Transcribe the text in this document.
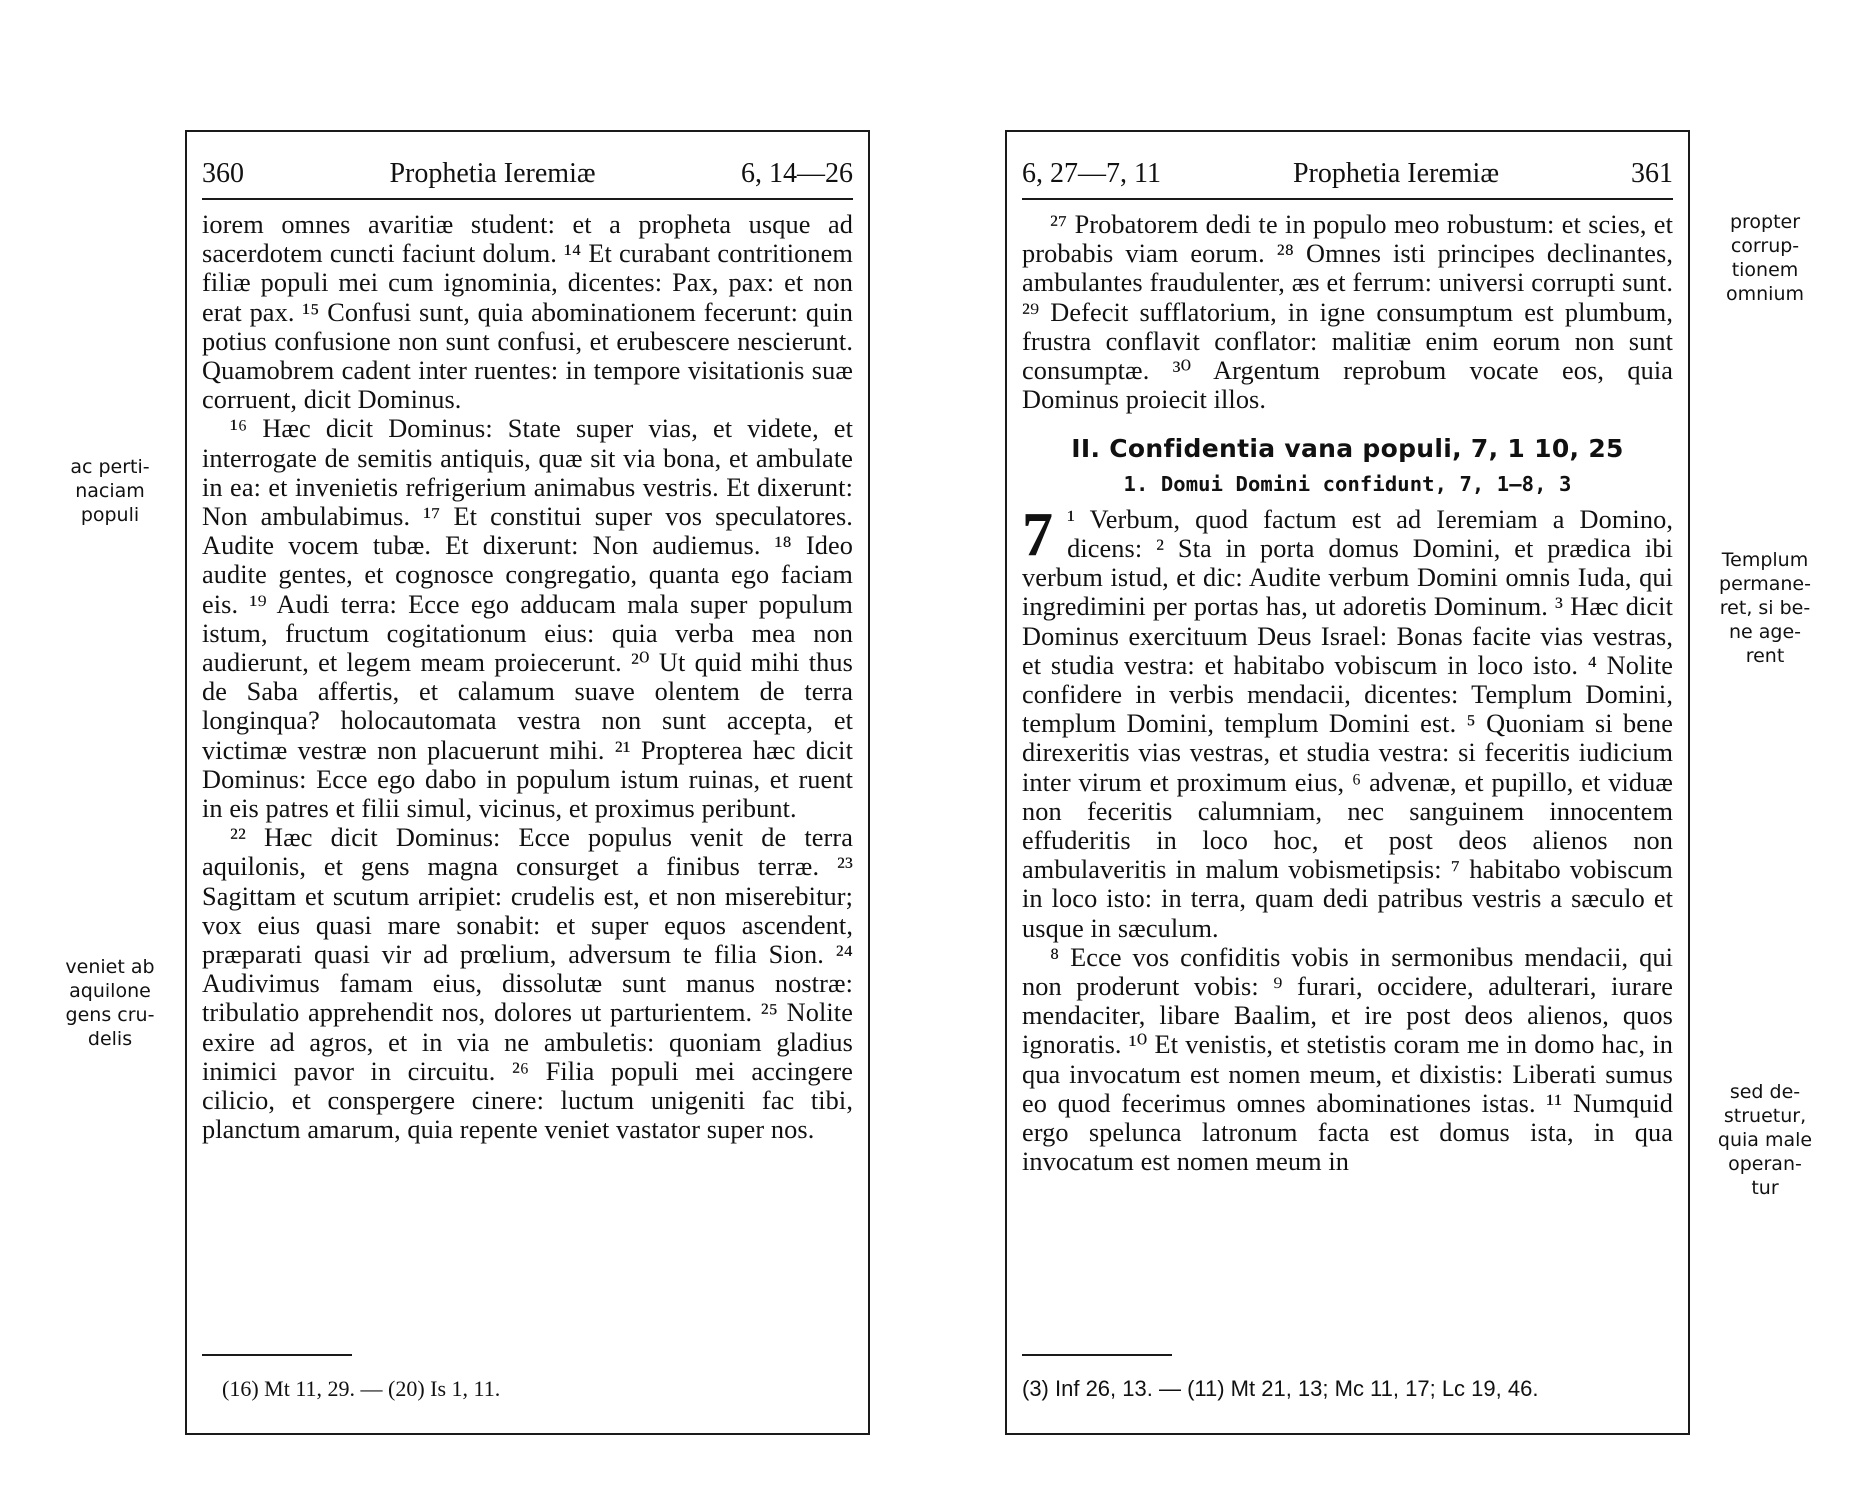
360	Prophetia Ieremiæ	6, 14—26

iorem omnes avaritiæ student: et a propheta usque ad sacerdotem cuncti faciunt dolum. ¹⁴ Et curabant contritionem filiæ populi mei cum ignominia, dicentes: Pax, pax: et non erat pax. ¹⁵ Confusi sunt, quia abominationem fecerunt: quin potius confusione non sunt confusi, et erubescere nescierunt. Quamobrem cadent inter ruentes: in tempore visitationis suæ corruent, dicit Dominus.

¹⁶ Hæc dicit Dominus: State super vias, et videte, et interrogate de semitis antiquis, quæ sit via bona, et ambulate in ea: et invenietis refrigerium animabus vestris. Et dixerunt: Non ambulabimus. ¹⁷ Et constitui super vos speculatores. Audite vocem tubæ. Et dixerunt: Non audiemus. ¹⁸ Ideo audite gentes, et cognosce congregatio, quanta ego faciam eis. ¹⁹ Audi terra: Ecce ego adducam mala super populum istum, fructum cogitationum eius: quia verba mea non audierunt, et legem meam proiecerunt. ²⁰ Ut quid mihi thus de Saba affertis, et calamum suave olentem de terra longinqua? holocautomata vestra non sunt accepta, et victimæ vestræ non placuerunt mihi. ²¹ Propterea hæc dicit Dominus: Ecce ego dabo in populum istum ruinas, et ruent in eis patres et filii simul, vicinus, et proximus peribunt.

²² Hæc dicit Dominus: Ecce populus venit de terra aquilonis, et gens magna consurget a finibus terræ. ²³ Sagittam et scutum arripiet: crudelis est, et non miserebitur; vox eius quasi mare sonabit: et super equos ascendent, præparati quasi vir ad prœlium, adversum te filia Sion. ²⁴ Audivimus famam eius, dissolutæ sunt manus nostræ: tribulatio apprehendit nos, dolores ut parturientem. ²⁵ Nolite exire ad agros, et in via ne ambuletis: quoniam gladius inimici pavor in circuitu. ²⁶ Filia populi mei accingere cilicio, et conspergere cinere: luctum unigeniti fac tibi, planctum amarum, quia repente veniet vastator super nos.

(16) Mt 11, 29. — (20) Is 1, 11.
ac perti-
naciam
populi
veniet ab
aquilone
gens cru-
delis
6, 27—7, 11	Prophetia Ieremiæ	361

²⁷ Probatorem dedi te in populo meo robustum: et scies, et probabis viam eorum. ²⁸ Omnes isti principes declinantes, ambulantes fraudulenter, æs et ferrum: universi corrupti sunt. ²⁹ Defecit sufflatorium, in igne consumptum est plumbum, frustra conflavit conflator: malitiæ enim eorum non sunt consumptæ. ³⁰ Argentum reprobum vocate eos, quia Dominus proiecit illos.

II. Confidentia vana populi, 7, 1 10, 25
1. Domui Domini confidunt, 7, 1—8, 3

7 ¹ Verbum, quod factum est ad Ieremiam a Domino, dicens: ² Sta in porta domus Domini, et prædica ibi verbum istud, et dic: Audite verbum Domini omnis Iuda, qui ingredimini per portas has, ut adoretis Dominum. ³ Hæc dicit Dominus exercituum Deus Israel: Bonas facite vias vestras, et studia vestra: et habitabo vobiscum in loco isto. ⁴ Nolite confidere in verbis mendacii, dicentes: Templum Domini, templum Domini, templum Domini est. ⁵ Quoniam si bene direxeritis vias vestras, et studia vestra: si feceritis iudicium inter virum et proximum eius, ⁶ advenæ, et pupillo, et viduæ non feceritis calumniam, nec sanguinem innocentem effuderitis in loco hoc, et post deos alienos non ambulaveritis in malum vobismetipsis: ⁷ habitabo vobiscum in loco isto: in terra, quam dedi patribus vestris a sæculo et usque in sæculum.

⁸ Ecce vos confiditis vobis in sermonibus mendacii, qui non proderunt vobis: ⁹ furari, occidere, adulterari, iurare mendaciter, libare Baalim, et ire post deos alienos, quos ignoratis. ¹⁰ Et venistis, et stetistis coram me in domo hac, in qua invocatum est nomen meum, et dixistis: Liberati sumus eo quod fecerimus omnes abominationes istas. ¹¹ Numquid ergo spelunca latronum facta est domus ista, in qua invocatum est nomen meum in

(3) Inf 26, 13. — (11) Mt 21, 13; Mc 11, 17; Lc 19, 46.
propter
corrup-
tionem
omnium
Templum
permane-
ret, si be-
ne age-
rent
sed de-
struetur,
quia male
operan-
tur
